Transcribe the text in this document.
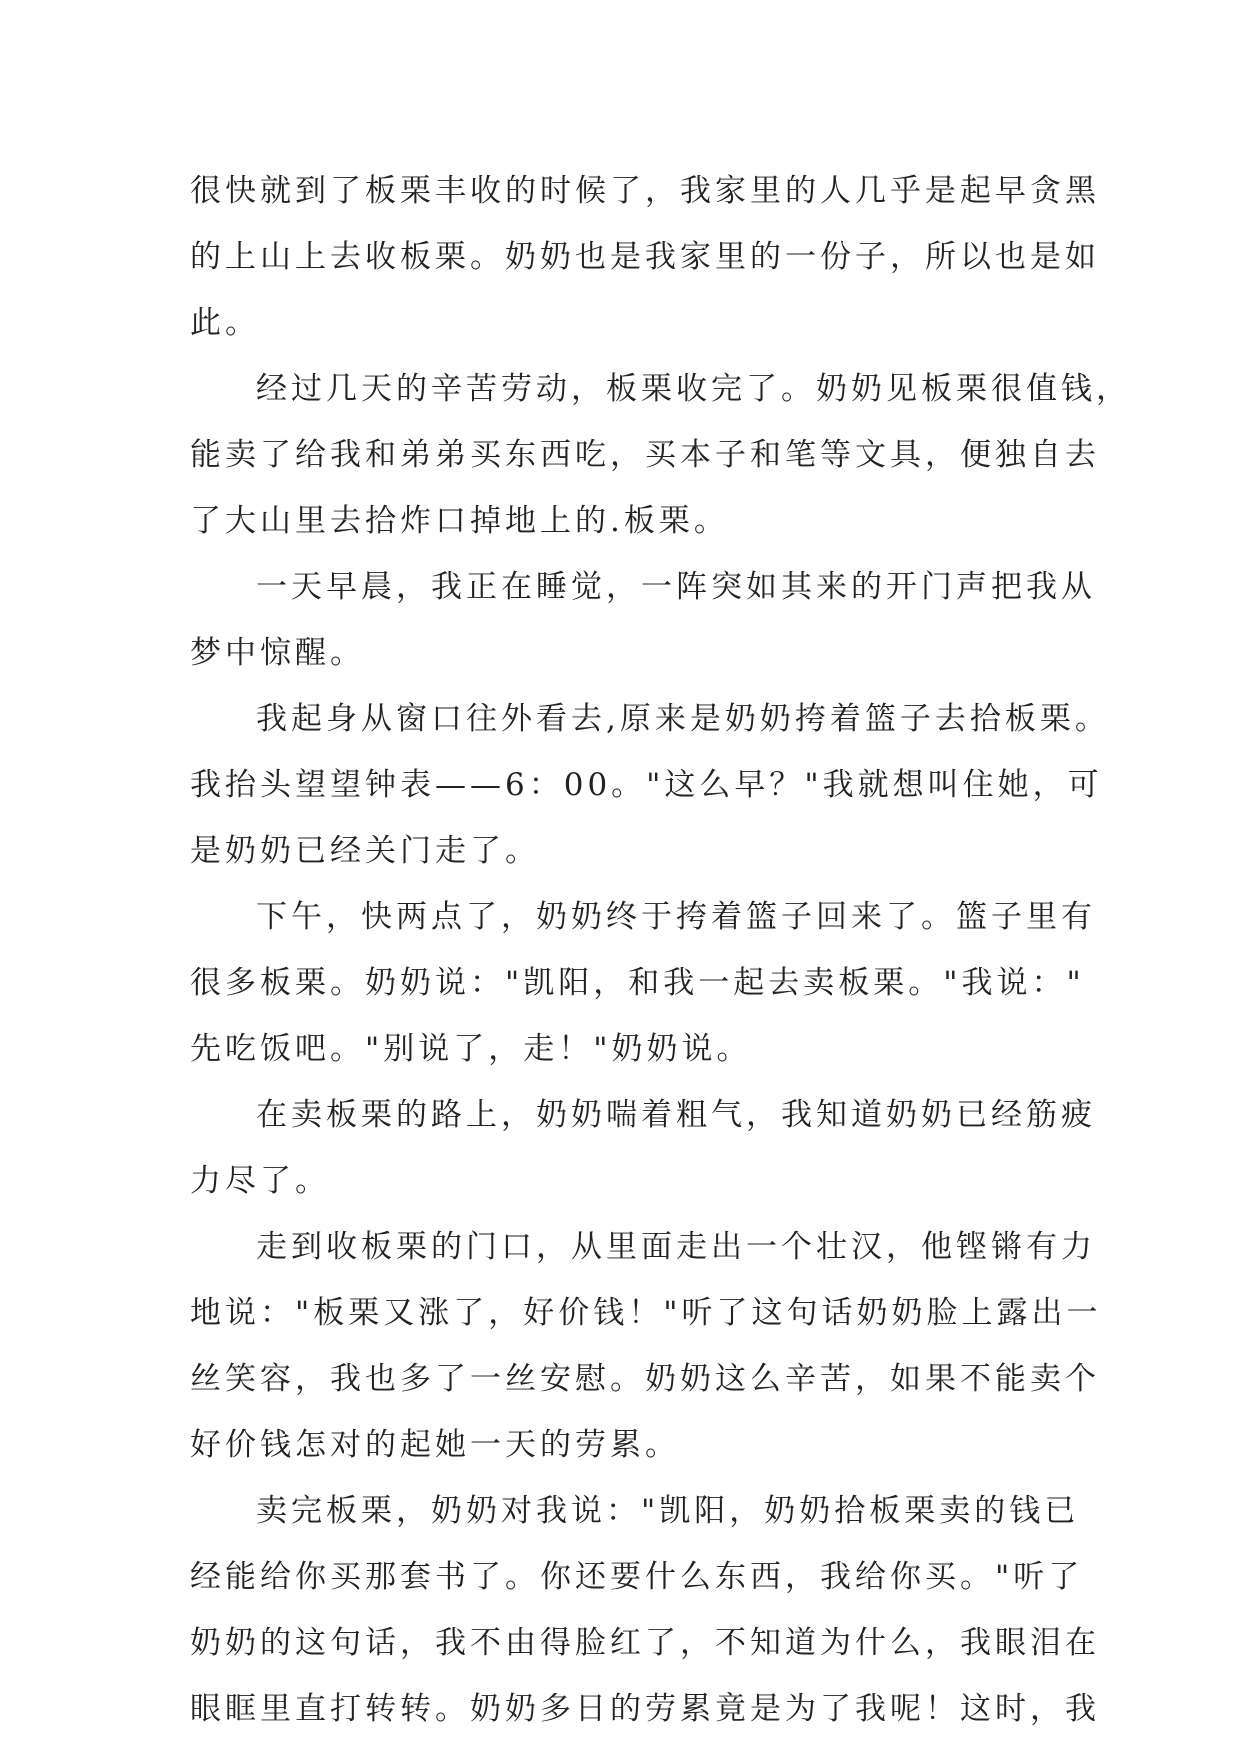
很快就到了板栗丰收的时候了，我家里的人几乎是起早贪黑
的上山上去收板栗。奶奶也是我家里的一份子，所以也是如
此。
经过几天的辛苦劳动，板栗收完了。奶奶见板栗很值钱，
能卖了给我和弟弟买东西吃，买本子和笔等文具，便独自去
了大山里去拾炸口掉地上的.板栗。
一天早晨，我正在睡觉，一阵突如其来的开门声把我从
梦中惊醒。
我起身从窗口往外看去,原来是奶奶挎着篮子去拾板栗。
我抬头望望钟表——6：00。"这么早？"我就想叫住她，可
是奶奶已经关门走了。
下午，快两点了，奶奶终于挎着篮子回来了。篮子里有
很多板栗。奶奶说："凯阳，和我一起去卖板栗。"我说："
先吃饭吧。"别说了，走！"奶奶说。
在卖板栗的路上，奶奶喘着粗气，我知道奶奶已经筋疲
力尽了。
走到收板栗的门口，从里面走出一个壮汉，他铿锵有力
地说："板栗又涨了，好价钱！"听了这句话奶奶脸上露出一
丝笑容，我也多了一丝安慰。奶奶这么辛苦，如果不能卖个
好价钱怎对的起她一天的劳累。
卖完板栗，奶奶对我说："凯阳，奶奶拾板栗卖的钱已
经能给你买那套书了。你还要什么东西，我给你买。"听了
奶奶的这句话，我不由得脸红了，不知道为什么，我眼泪在
眼眶里直打转转。奶奶多日的劳累竟是为了我呢！这时，我
